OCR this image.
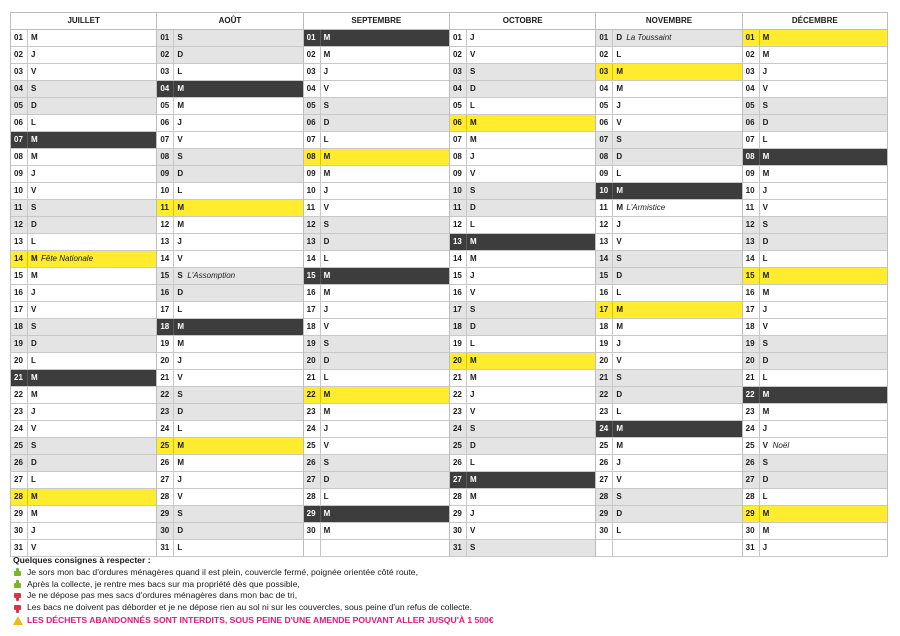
JUILLET
01 M
02 J
03 V
04 S
05 D
06 L
07 M
08 M
09 J
10 V
11 S
12 D
13 L
14 M Fête Nationale
15 M
16 J
17 V
18 S
19 D
20 L
21 M
22 M
23 J
24 V
25 S
26 D
27 L
28 M
29 M
30 J
31 V
AOÛT
01 S
02 D
03 L
04 M
05 M
06 J
07 V
08 S
09 D
10 L
11 M
12 M
13 J
14 V
15 S L'Assomption
16 D
17 L
18 M
19 M
20 J
21 V
22 S
23 D
24 L
25 M
26 M
27 J
28 V
29 S
30 D
31 L
SEPTEMBRE
01 M
02 M
03 J
04 V
05 S
06 D
07 L
08 M
09 M
10 J
11 V
12 S
13 D
14 L
15 M
16 M
17 J
18 V
19 S
20 D
21 L
22 M
23 M
24 J
25 V
26 S
27 D
28 L
29 M
30 M
OCTOBRE
01 J
02 V
03 S
04 D
05 L
06 M
07 M
08 J
09 V
10 S
11 D
12 L
13 M
14 M
15 J
16 V
17 S
18 D
19 L
20 M
21 M
22 J
23 V
24 S
25 D
26 L
27 M
28 M
29 J
30 V
31 S
NOVEMBRE
01 D La Toussaint
02 L
03 M
04 M
05 J
06 V
07 S
08 D
09 L
10 M
11 M L'Armistice
12 J
13 V
14 S
15 D
16 L
17 M
18 M
19 J
20 V
21 S
22 D
23 L
24 M
25 M
26 J
27 V
28 S
29 D
30 L
DÉCEMBRE
01 M
02 M
03 J
04 V
05 S
06 D
07 L
08 M
09 M
10 J
11 V
12 S
13 D
14 L
15 M
16 M
17 J
18 V
19 S
20 D
21 L
22 M
23 M
24 J
25 V Noël
26 S
27 D
28 L
29 M
30 M
31 J
Quelques consignes à respecter :
Je sors mon bac d'ordures ménagères quand il est plein, couvercle fermé, poignée orientée côté route,
Après la collecte, je rentre mes bacs sur ma propriété dès que possible,
Je ne dépose pas mes sacs d'ordures ménagères dans mon bac de tri,
Les bacs ne doivent pas déborder et je ne dépose rien au sol ni sur les couvercles, sous peine d'un refus de collecte.
LES DÉCHETS ABANDONNÉS SONT INTERDITS, SOUS PEINE D'UNE AMENDE POUVANT ALLER JUSQU'À 1 500€
